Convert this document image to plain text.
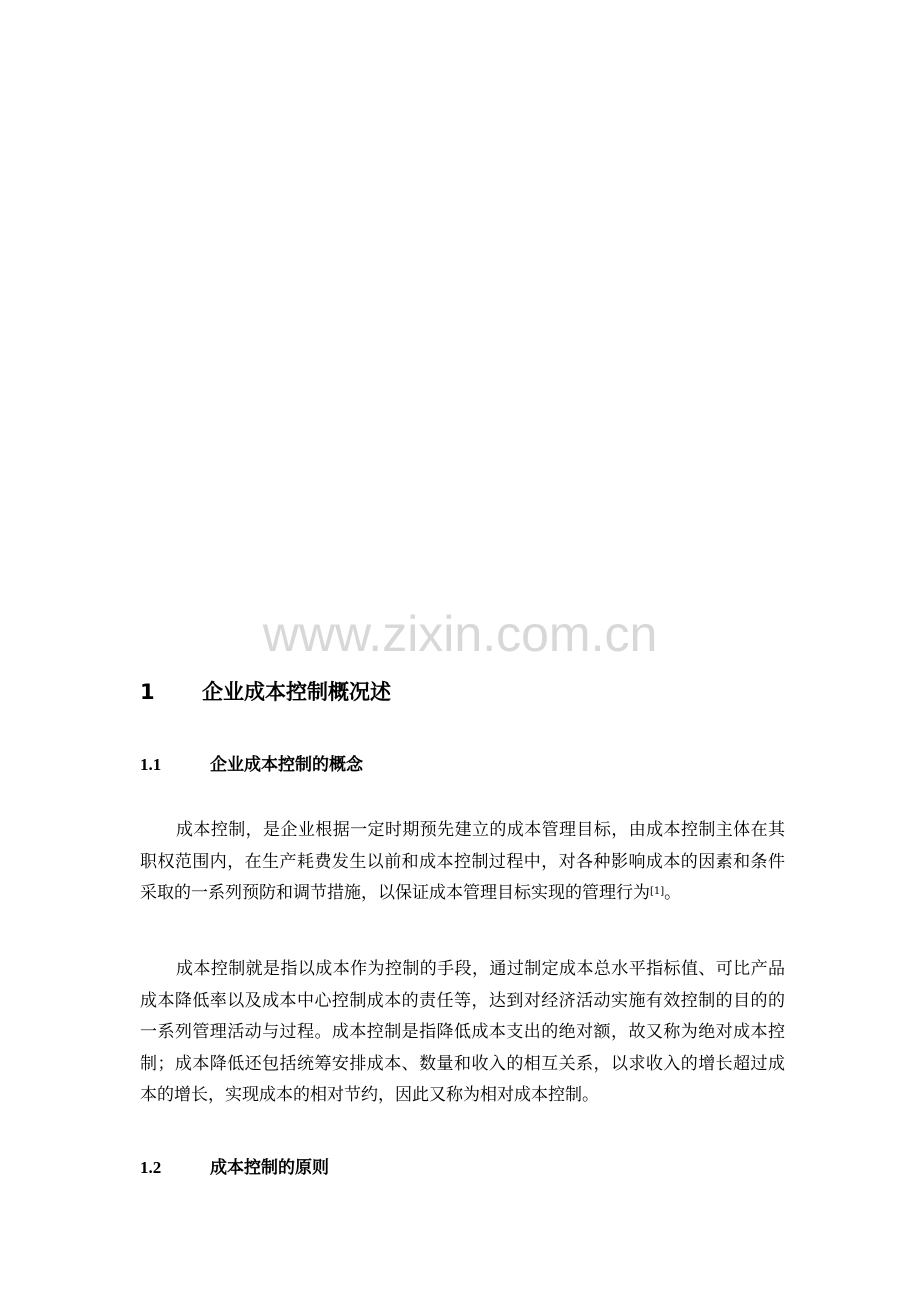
www.zixin.com.cn
1 企业成本控制概况述
1.1	企业成本控制的概念

成本控制，是企业根据一定时期预先建立的成本管理目标，由成本控制主体在其职权范围内，在生产耗费发生以前和成本控制过程中，对各种影响成本的因素和条件采取的一系列预防和调节措施，以保证成本管理目标实现的管理行为[1]。

成本控制就是指以成本作为控制的手段，通过制定成本总水平指标值、可比产品成本降低率以及成本中心控制成本的责任等，达到对经济活动实施有效控制的目的的一系列管理活动与过程。成本控制是指降低成本支出的绝对额，故又称为绝对成本控制；成本降低还包括统筹安排成本、数量和收入的相互关系，以求收入的增长超过成本的增长，实现成本的相对节约，因此又称为相对成本控制。

1.2	成本控制的原则
